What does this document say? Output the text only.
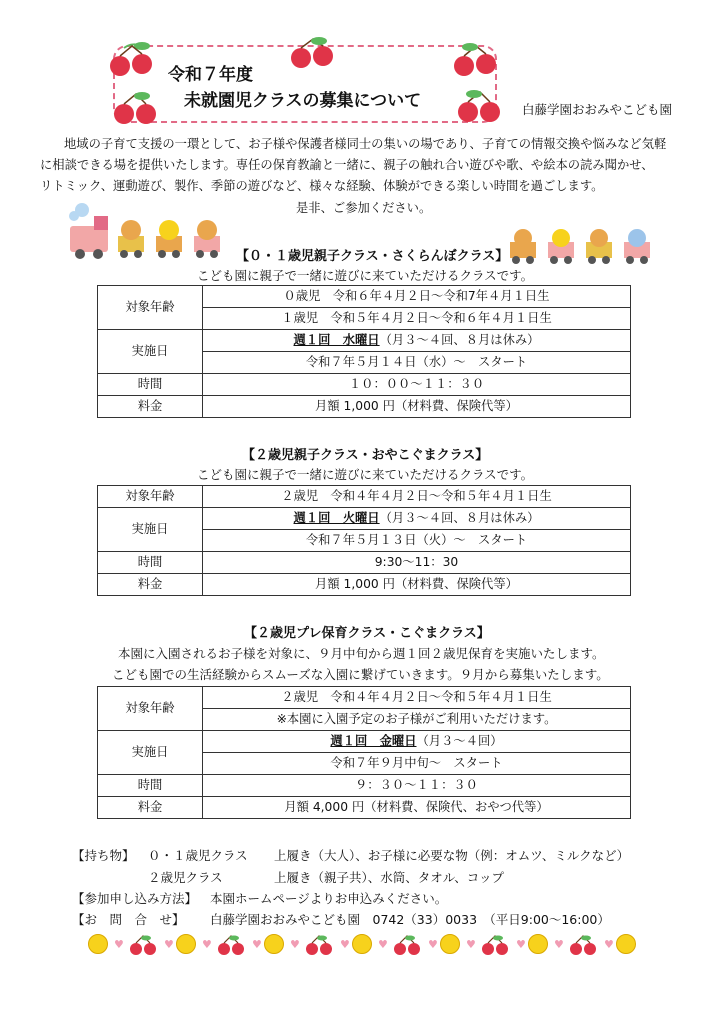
令和７年度
未就園児クラスの募集について	白藤学園おおみやこども園
地域の子育て支援の一環として、お子様や保護者様同士の集いの場であり、子育ての情報交換や悩みなど気軽
に相談できる場を提供いたします。専任の保育教諭と一緒に、親子の触れ合い遊びや歌、や絵本の読み聞かせ、
リトミック、運動遊び、製作、季節の遊びなど、様々な経験、体験ができる楽しい時間を過ごします。
是非、ご参加ください。
【０・１歳児親子クラス・さくらんぼクラス】
こども園に親子で一緒に遊びに来ていただけるクラスです。
対象年齢	０歳児　令和６年４月２日〜令和7年４月１日生
	１歳児　令和５年４月２日〜令和６年４月１日生
実施日	週１回　水曜日（月３〜４回、８月は休み）
	令和７年５月１４日（水）〜　スタート
時間	１０：００〜１１：３０
料金	月額 1,000 円（材料費、保険代等）
【２歳児親子クラス・おやこぐまクラス】
こども園に親子で一緒に遊びに来ていただけるクラスです。
対象年齢	２歳児　令和４年４月２日〜令和５年４月１日生
実施日	週１回　火曜日（月３〜４回、８月は休み）
	令和７年５月１３日（火）〜　スタート
時間	9:30〜11：30
料金	月額 1,000 円（材料費、保険代等）
【２歳児プレ保育クラス・こぐまクラス】
本園に入園されるお子様を対象に、９月中旬から週１回２歳児保育を実施いたします。
こども園での生活経験からスムーズな入園に繋げていきます。９月から募集いたします。
対象年齢	２歳児　令和４年４月２日〜令和５年４月１日生
	※本園に入園予定のお子様がご利用いただけます。
実施日	週１回　金曜日（月３〜４回）
	令和７年９月中旬〜　スタート
時間	９：３０〜１１：３０
料金	月額 4,000 円（材料費、保険代、おやつ代等）
【持ち物】 ０・１歳児クラス 上履き（大人）、お子様に必要な物（例：オムツ、ミルクなど）
２歳児クラス	上履き（親子共）、水筒、タオル、コップ
【参加申し込み方法】 本園ホームページよりお申込みください。
【お　問　合　せ】 白藤学園おおみやこども園　0742（33）0033　（平日9:00〜16:00）
♥	♥	♥	♥	♥	♥	♥	♥	♥	♥	♥	♥
